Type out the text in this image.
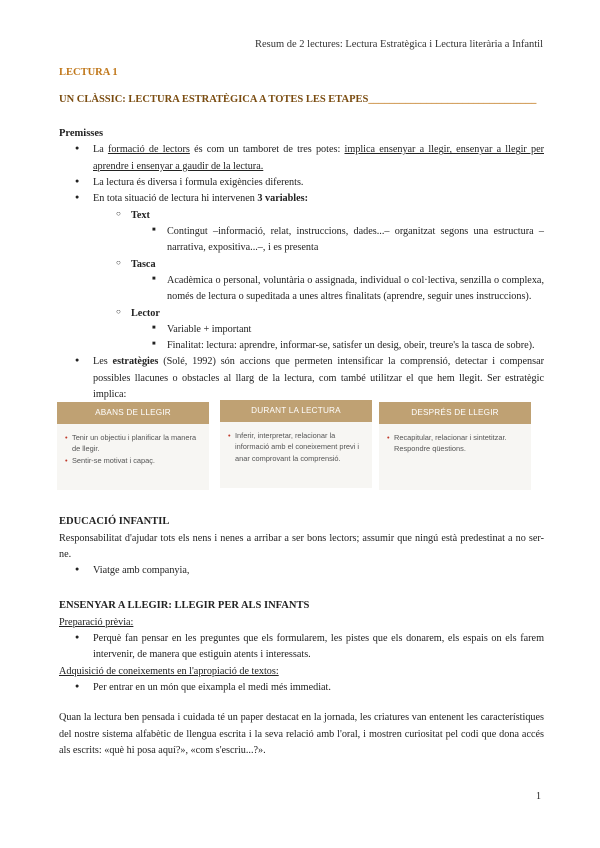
Resum de 2 lectures: Lectura Estratègica i Lectura literària a Infantil

LECTURA 1

UN CLÀSSIC: LECTURA ESTRATÈGICA A TOTES LES ETAPES________________________________

Premisses

● La formació de lectors és com un tamboret de tres potes: implica ensenyar a llegir, ensenyar a llegir per aprendre i ensenyar a gaudir de la lectura.
● La lectura és diversa i formula exigències diferents.
● En tota situació de lectura hi intervenen 3 variables:
○ Text
■ Contingut –informació, relat, instruccions, dades...– organitzat segons una estructura –narrativa, expositiva...–, i es presenta
○ Tasca
■ Acadèmica o personal, voluntària o assignada, individual o col·lectiva, senzilla o complexa, només de lectura o supeditada a unes altres finalitats (aprendre, seguir unes instruccions).
○ Lector
■ Variable + important
■ Finalitat: lectura: aprendre, informar-se, satisfer un desig, obeir, treure's la tasca de sobre).
● Les estratègies (Solé, 1992) són accions que permeten intensificar la comprensió, detectar i compensar possibles llacunes o obstacles al llarg de la lectura, com també utilitzar el que hem llegit. Ser estratègic implica:
ABANS DE LLEGIR
• Tenir un objectiu i planificar la manera de llegir.
• Sentir-se motivat i capaç.
DURANT LA LECTURA
• Inferir, interpretar, relacionar la informació amb el coneixement previ i anar comprovant la comprensió.
DESPRÉS DE LLEGIR
• Recapitular, relacionar i sintetitzar. Respondre qüestions.

EDUCACIÓ INFANTIL

Responsabilitat d'ajudar tots els nens i nenes a arribar a ser bons lectors; assumir que ningú està predestinat a no ser-ne.

● Viatge amb companyia,

ENSENYAR A LLEGIR: LLEGIR PER ALS INFANTS

Preparació prèvia:

● Perquè fan pensar en les preguntes que els formularem, les pistes que els donarem, els espais on els farem intervenir, de manera que estiguin atents i interessats.

Adquisició de coneixements en l'apropiació de textos:

● Per entrar en un món que eixampla el medi més immediat.

Quan la lectura ben pensada i cuidada té un paper destacat en la jornada, les criatures van entenent les característiques del nostre sistema alfabètic de llengua escrita i la seva relació amb l'oral, i mostren curiositat pel codi que dona accés als escrits: «què hi posa aquí?», «com s'escriu...?».

1
